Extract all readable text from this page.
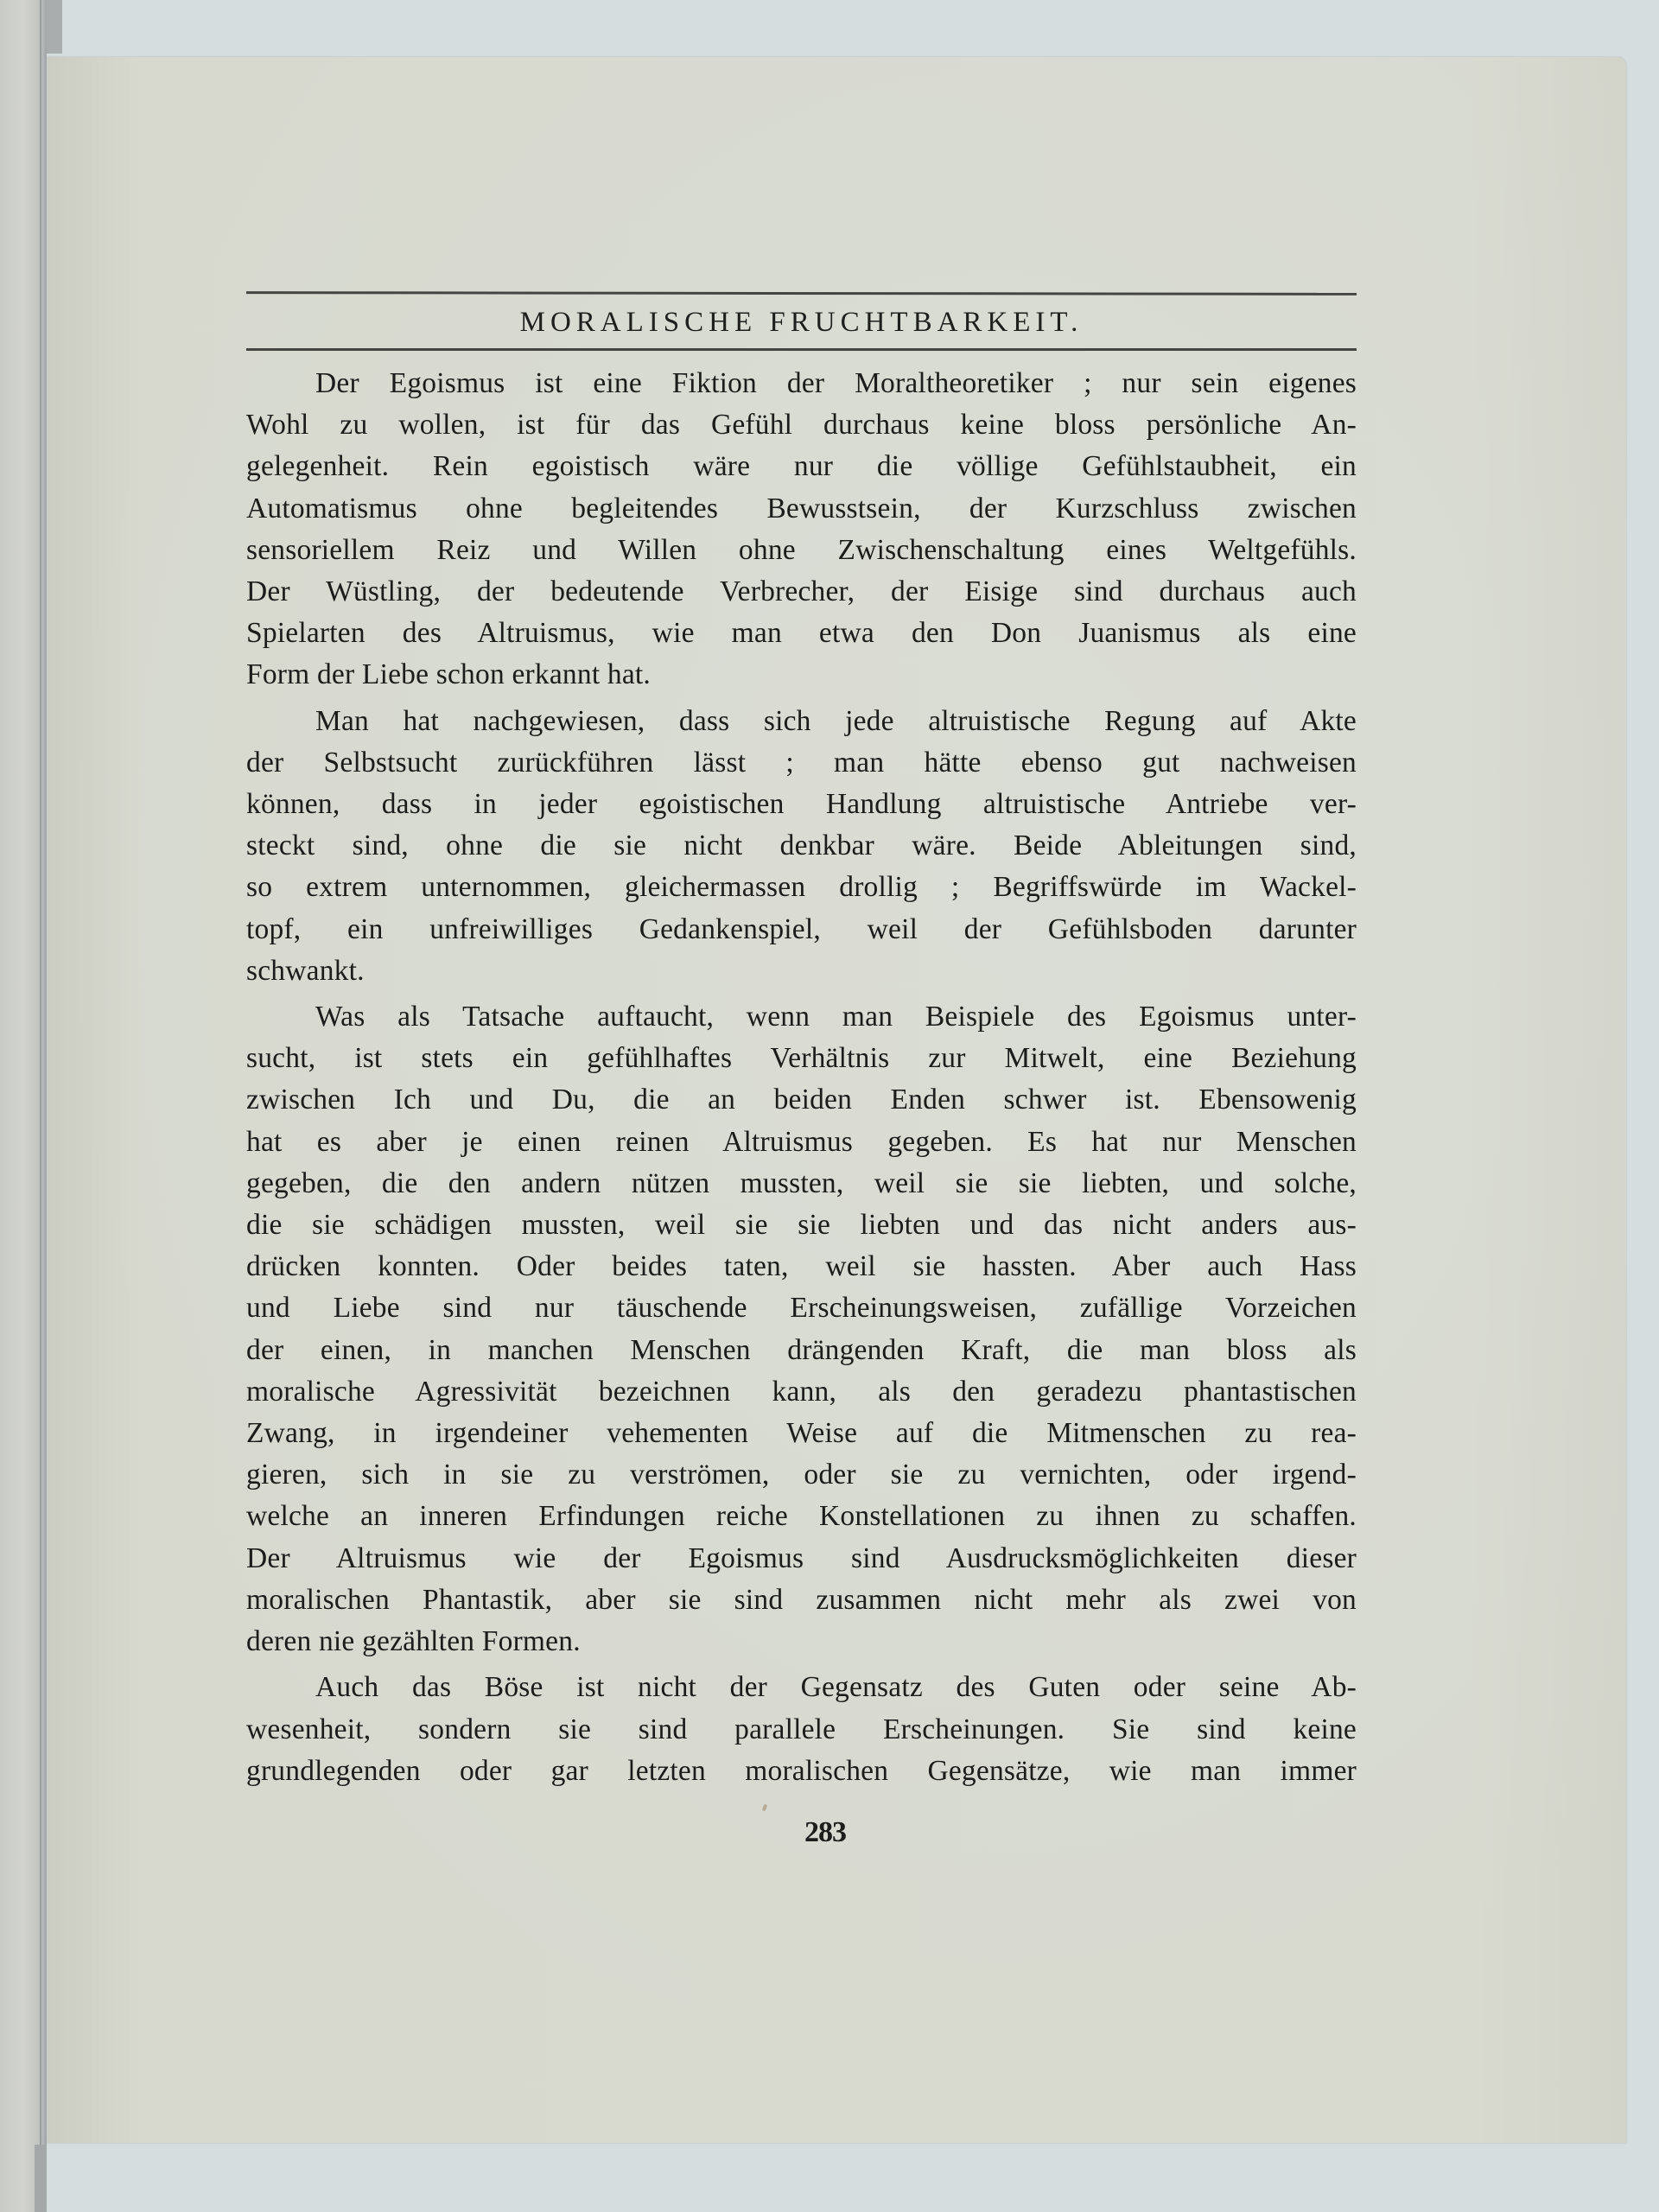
MORALISCHE FRUCHTBARKEIT.
Der Egoismus ist eine Fiktion der Moraltheoretiker ; nur sein eigenes
Wohl zu wollen, ist für das Gefühl durchaus keine bloss persönliche An-
gelegenheit. Rein egoistisch wäre nur die völlige Gefühlstaubheit, ein
Automatismus ohne begleitendes Bewusstsein, der Kurzschluss zwischen
sensoriellem Reiz und Willen ohne Zwischenschaltung eines Weltgefühls.
Der Wüstling, der bedeutende Verbrecher, der Eisige sind durchaus auch
Spielarten des Altruismus, wie man etwa den Don Juanismus als eine
Form der Liebe schon erkannt hat.
Man hat nachgewiesen, dass sich jede altruistische Regung auf Akte
der Selbstsucht zurückführen lässt ; man hätte ebenso gut nachweisen
können, dass in jeder egoistischen Handlung altruistische Antriebe ver-
steckt sind, ohne die sie nicht denkbar wäre. Beide Ableitungen sind,
so extrem unternommen, gleichermassen drollig ; Begriffswürde im Wackel-
topf, ein unfreiwilliges Gedankenspiel, weil der Gefühlsboden darunter
schwankt.
Was als Tatsache auftaucht, wenn man Beispiele des Egoismus unter-
sucht, ist stets ein gefühlhaftes Verhältnis zur Mitwelt, eine Beziehung
zwischen Ich und Du, die an beiden Enden schwer ist. Ebensowenig
hat es aber je einen reinen Altruismus gegeben. Es hat nur Menschen
gegeben, die den andern nützen mussten, weil sie sie liebten, und solche,
die sie schädigen mussten, weil sie sie liebten und das nicht anders aus-
drücken konnten. Oder beides taten, weil sie hassten. Aber auch Hass
und Liebe sind nur täuschende Erscheinungsweisen, zufällige Vorzeichen
der einen, in manchen Menschen drängenden Kraft, die man bloss als
moralische Agressivität bezeichnen kann, als den geradezu phantastischen
Zwang, in irgendeiner vehementen Weise auf die Mitmenschen zu rea-
gieren, sich in sie zu verströmen, oder sie zu vernichten, oder irgend-
welche an inneren Erfindungen reiche Konstellationen zu ihnen zu schaffen.
Der Altruismus wie der Egoismus sind Ausdrucksmöglichkeiten dieser
moralischen Phantastik, aber sie sind zusammen nicht mehr als zwei von
deren nie gezählten Formen.
Auch das Böse ist nicht der Gegensatz des Guten oder seine Ab-
wesenheit, sondern sie sind parallele Erscheinungen. Sie sind keine
grundlegenden oder gar letzten moralischen Gegensätze, wie man immer
283
